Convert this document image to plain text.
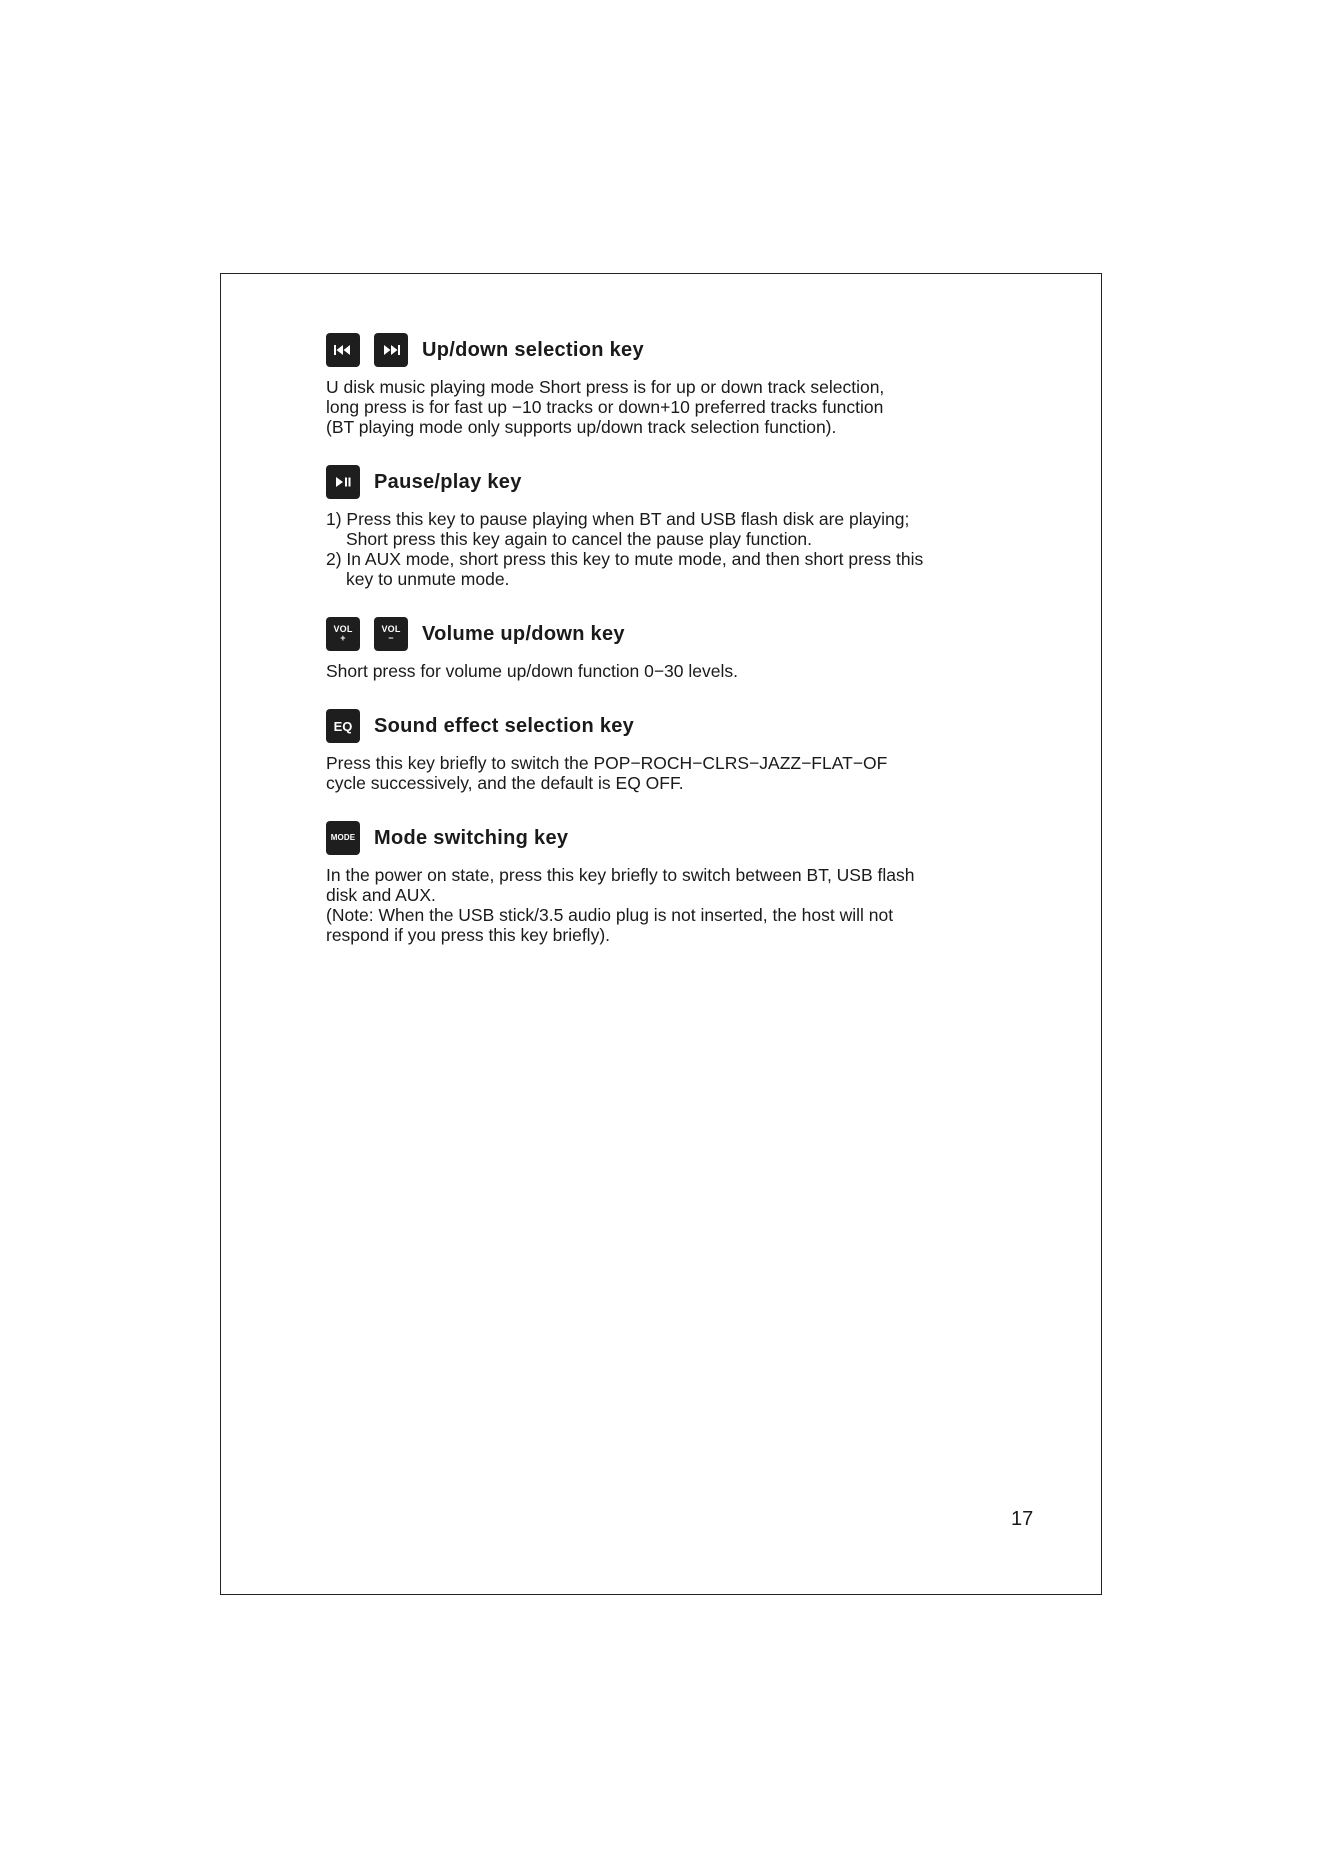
Up/down selection key
U disk music playing mode Short press is for up or down track selection,
long press is for fast up −10 tracks or down+10 preferred tracks function
(BT playing mode only supports up/down track selection function).
Pause/play key
1) Press this key to pause playing when BT and USB flash disk are playing;
Short press this key again to cancel the pause play function.
2) In AUX mode, short press this key to mute mode, and then short press this
key to unmute mode.
VOL
+
VOL
− Volume up/down key
Short press for volume up/down function 0−30 levels.
EQ Sound effect selection key
Press this key briefly to switch the POP−ROCH−CLRS−JAZZ−FLAT−OF
cycle successively, and the default is EQ OFF.
MODE Mode switching key
In the power on state, press this key briefly to switch between BT, USB flash
disk and AUX.
(Note: When the USB stick/3.5 audio plug is not inserted, the host will not
respond if you press this key briefly).
17
